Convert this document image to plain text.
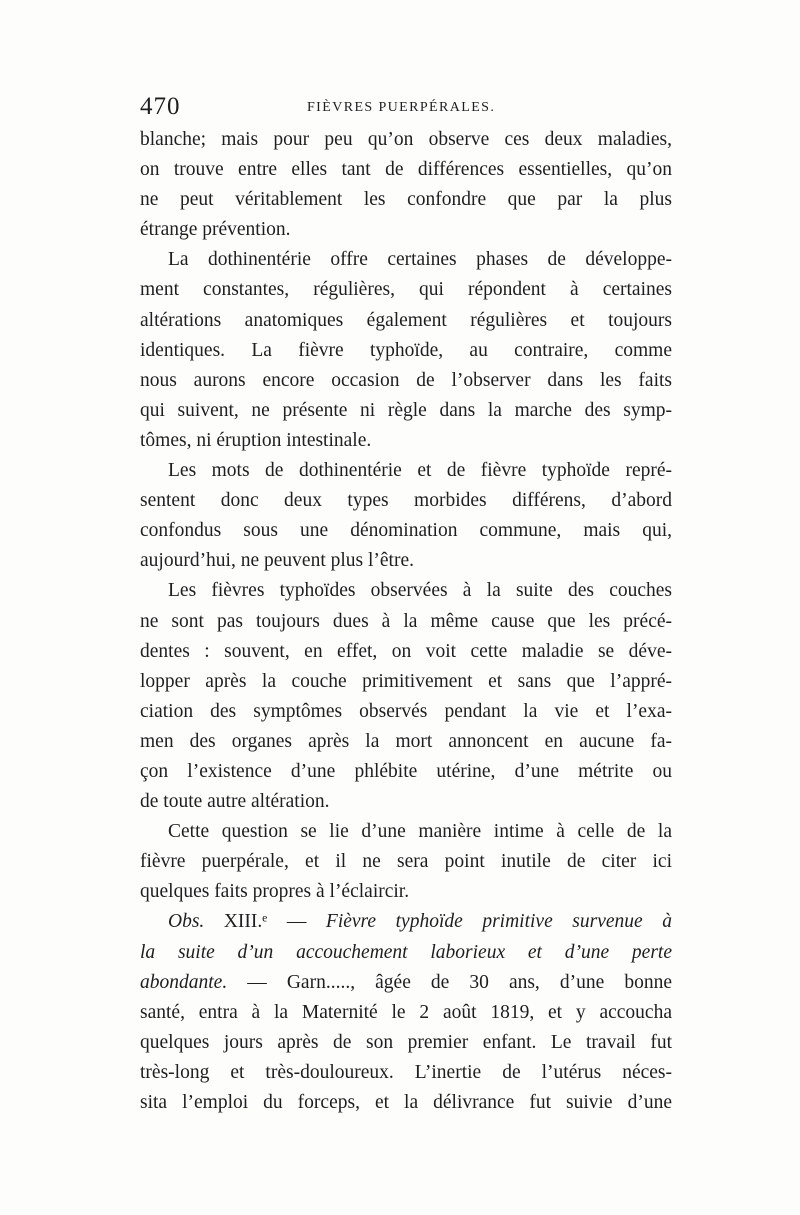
470	FIÈVRES PUERPÉRALES.
blanche; mais pour peu qu’on observe ces deux maladies,
on trouve entre elles tant de différences essentielles, qu’on
ne peut véritablement les confondre que par la plus
étrange prévention.
La dothinentérie offre certaines phases de développe-
ment constantes, régulières, qui répondent à certaines
altérations anatomiques également régulières et toujours
identiques. La fièvre typhoïde, au contraire, comme
nous aurons encore occasion de l’observer dans les faits
qui suivent, ne présente ni règle dans la marche des symp-
tômes, ni éruption intestinale.
Les mots de dothinentérie et de fièvre typhoïde repré-
sentent donc deux types morbides différens, d’abord
confondus sous une dénomination commune, mais qui,
aujourd’hui, ne peuvent plus l’être.
Les fièvres typhoïdes observées à la suite des couches
ne sont pas toujours dues à la même cause que les précé-
dentes : souvent, en effet, on voit cette maladie se déve-
lopper après la couche primitivement et sans que l’appré-
ciation des symptômes observés pendant la vie et l’exa-
men des organes après la mort annoncent en aucune fa-
çon l’existence d’une phlébite utérine, d’une métrite ou
de toute autre altération.
Cette question se lie d’une manière intime à celle de la
fièvre puerpérale, et il ne sera point inutile de citer ici
quelques faits propres à l’éclaircir.
Obs. XIII.ᵉ — Fièvre typhoïde primitive survenue à
la suite d’un accouchement laborieux et d’une perte
abondante. — Garn....., âgée de 30 ans, d’une bonne
santé, entra à la Maternité le 2 août 1819, et y accoucha
quelques jours après de son premier enfant. Le travail fut
très-long et très-douloureux. L’inertie de l’utérus néces-
sita l’emploi du forceps, et la délivrance fut suivie d’une
